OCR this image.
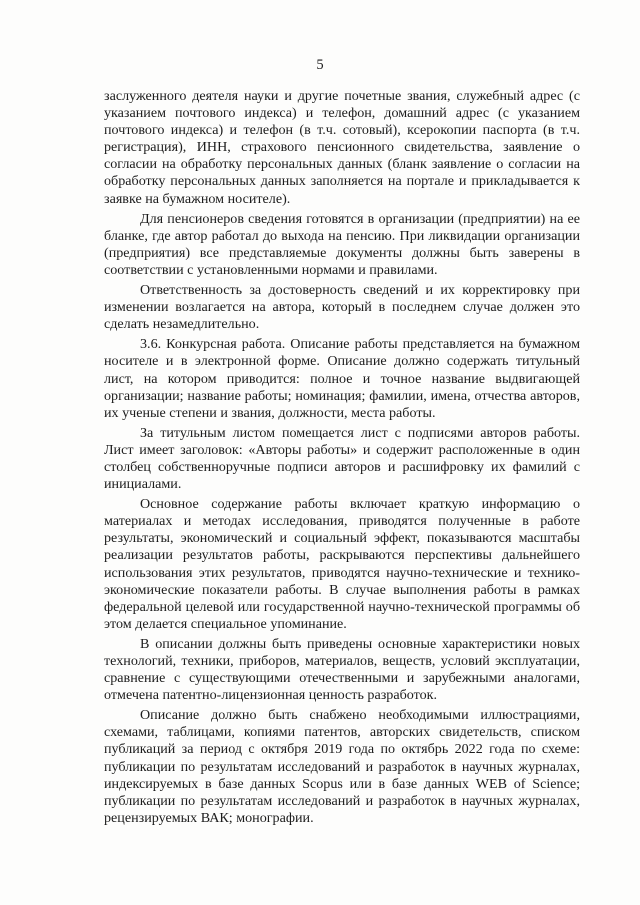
5

заслуженного деятеля науки и другие почетные звания, служебный адрес (с указанием почтового индекса) и телефон, домашний адрес (с указанием почтового индекса) и телефон (в т.ч. сотовый), ксерокопии паспорта (в т.ч. регистрация), ИНН, страхового пенсионного свидетельства, заявление о согласии на обработку персональных данных (бланк заявление о согласии на обработку персональных данных заполняется на портале и прикладывается к заявке на бумажном носителе).

Для пенсионеров сведения готовятся в организации (предприятии) на ее бланке, где автор работал до выхода на пенсию. При ликвидации организации (предприятия) все представляемые документы должны быть заверены в соответствии с установленными нормами и правилами.

Ответственность за достоверность сведений и их корректировку при изменении возлагается на автора, который в последнем случае должен это сделать незамедлительно.

3.6. Конкурсная работа. Описание работы представляется на бумажном носителе и в электронной форме. Описание должно содержать титульный лист, на котором приводится: полное и точное название выдвигающей организации; название работы; номинация; фамилии, имена, отчества авторов, их ученые степени и звания, должности, места работы.

За титульным листом помещается лист с подписями авторов работы. Лист имеет заголовок: «Авторы работы» и содержит расположенные в один столбец собственноручные подписи авторов и расшифровку их фамилий с инициалами.

Основное содержание работы включает краткую информацию о материалах и методах исследования, приводятся полученные в работе результаты, экономический и социальный эффект, показываются масштабы реализации результатов работы, раскрываются перспективы дальнейшего использования этих результатов, приводятся научно-технические и технико-экономические показатели работы. В случае выполнения работы в рамках федеральной целевой или государственной научно-технической программы об этом делается специальное упоминание.

В описании должны быть приведены основные характеристики новых технологий, техники, приборов, материалов, веществ, условий эксплуатации, сравнение с существующими отечественными и зарубежными аналогами, отмечена патентно-лицензионная ценность разработок.

Описание должно быть снабжено необходимыми иллюстрациями, схемами, таблицами, копиями патентов, авторских свидетельств, списком публикаций за период с октября 2019 года по октябрь 2022 года по схеме: публикации по результатам исследований и разработок в научных журналах, индексируемых в базе данных Scopus или в базе данных WEB of Science; публикации по результатам исследований и разработок в научных журналах, рецензируемых ВАК; монографии.
